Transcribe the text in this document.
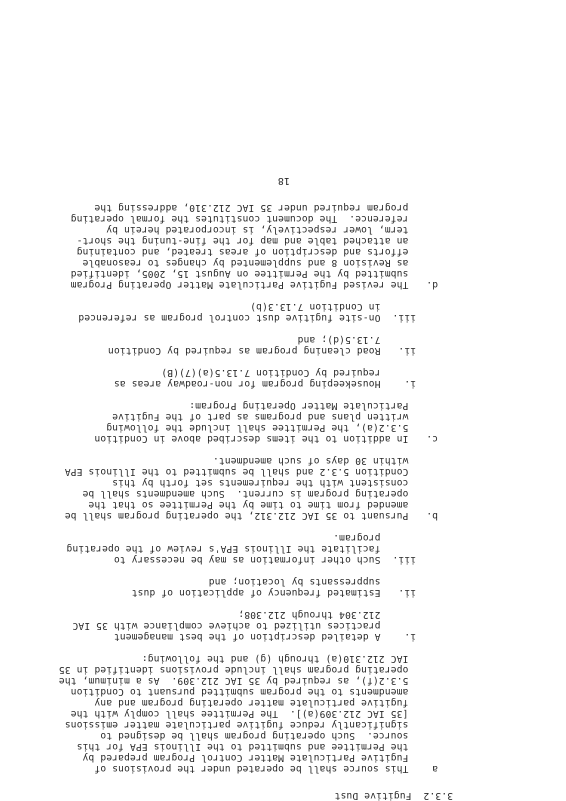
3.3.2  Fugitive Dust
a    This source shall be operated under the provisions of
Fugitive Particulate Matter Control Program prepared by
the Permittee and submitted to the Illinois EPA for this
source.  Such operating program shall be designed to
significantly reduce fugitive particulate matter emissions
[35 IAC 212.309(a)].  The Permittee shall comply with the
fugitive particulate matter operating program and any
amendments to the program submitted pursuant to Condition
5.3.2(f), as required by 35 IAC 212.309.  As a minimum, the
operating program shall include provisions identified in 35
IAC 212.310(a) through (g) and the following:
i.    A detailed description of the best management
practices utilized to achieve compliance with 35 IAC
212.304 through 212.308;
ii.   Estimated frequency of application of dust
suppressants by location; and
iii.  Such other information as may be necessary to
facilitate the Illinois EPA's review of the operating
program.
b.   Pursuant to 35 IAC 212.312, the operating program shall be
amended from time to time by the Permittee so that the
operating program is current.  Such amendments shall be
consistent with the requirements set forth by this
Condition 5.3.2 and shall be submitted to the Illinois EPA
within 30 days of such amendment.
c.   In addition to the items described above in Condition
5.3.2(a), the Permittee shall include the following
written plans and programs as part of the Fugitive
Particulate Matter Operating Program:
i.    Housekeeping program for non-roadway areas as
required by Condition 7.13.5(a)(7)(B)
ii.   Road cleaning program as required by Condition
7.13.5(d); and
iii.  On-site fugitive dust control program as referenced
in Condition 7.13.3(b)
d.   The revised Fugitive Particulate Matter Operating Program
submitted by the Permittee on August 15, 2005, identified
as Revision 8 and supplemented by changes to reasonable
efforts and description of areas treated, and containing
an attached table and map for the fine-tuning the short-
term, lower respectively, is incorporated herein by
reference.  The document constitutes the formal operating
program required under 35 IAC 212.310, addressing the
18
